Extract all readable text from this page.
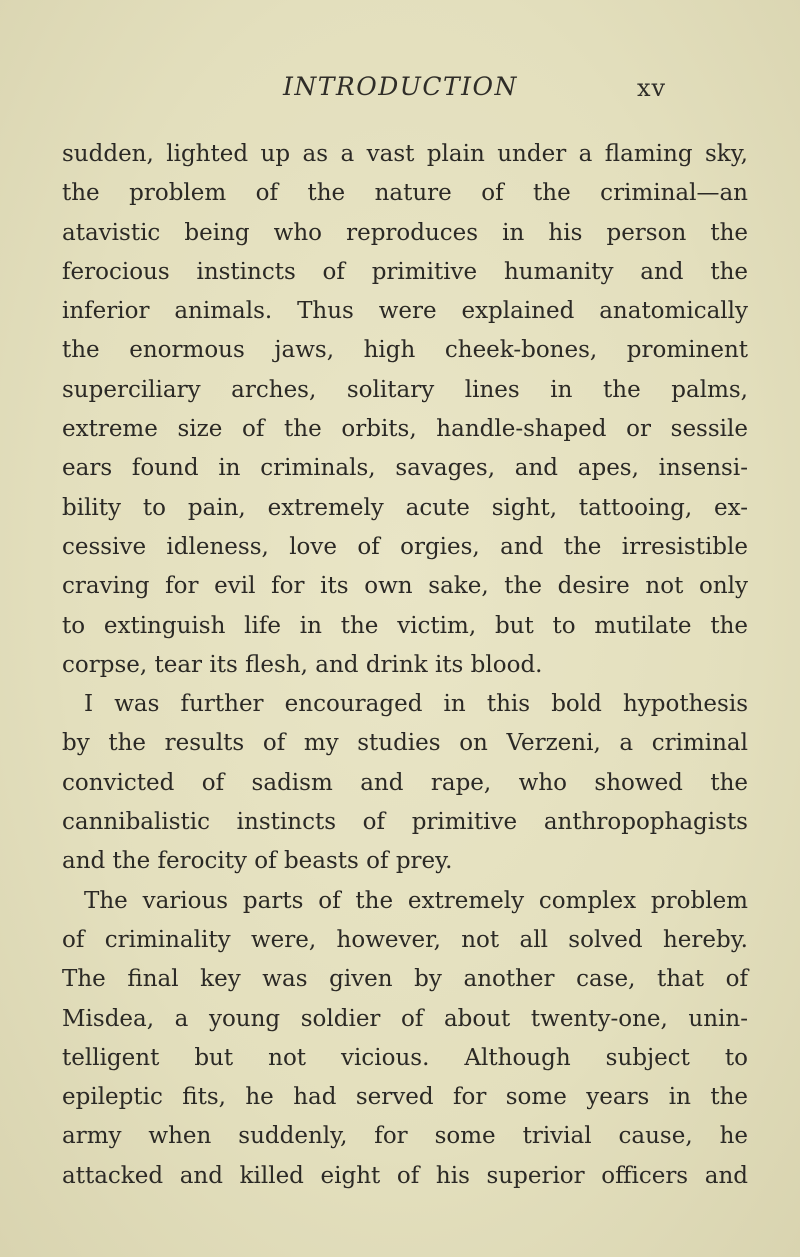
INTRODUCTION	xv
sudden, lighted up as a vast plain under a flaming sky,
the problem of the nature of the criminal—an
atavistic being who reproduces in his person the
ferocious instincts of primitive humanity and the
inferior animals. Thus were explained anatomically
the enormous jaws, high cheek-bones, prominent
superciliary arches, solitary lines in the palms,
extreme size of the orbits, handle-shaped or sessile
ears found in criminals, savages, and apes, insensi-
bility to pain, extremely acute sight, tattooing, ex-
cessive idleness, love of orgies, and the irresistible
craving for evil for its own sake, the desire not only
to extinguish life in the victim, but to mutilate the
corpse, tear its flesh, and drink its blood.
I was further encouraged in this bold hypothesis
by the results of my studies on Verzeni, a criminal
convicted of sadism and rape, who showed the
cannibalistic instincts of primitive anthropophagists
and the ferocity of beasts of prey.
The various parts of the extremely complex problem
of criminality were, however, not all solved hereby.
The final key was given by another case, that of
Misdea, a young soldier of about twenty-one, unin-
telligent but not vicious. Although subject to
epileptic fits, he had served for some years in the
army when suddenly, for some trivial cause, he
attacked and killed eight of his superior officers and
